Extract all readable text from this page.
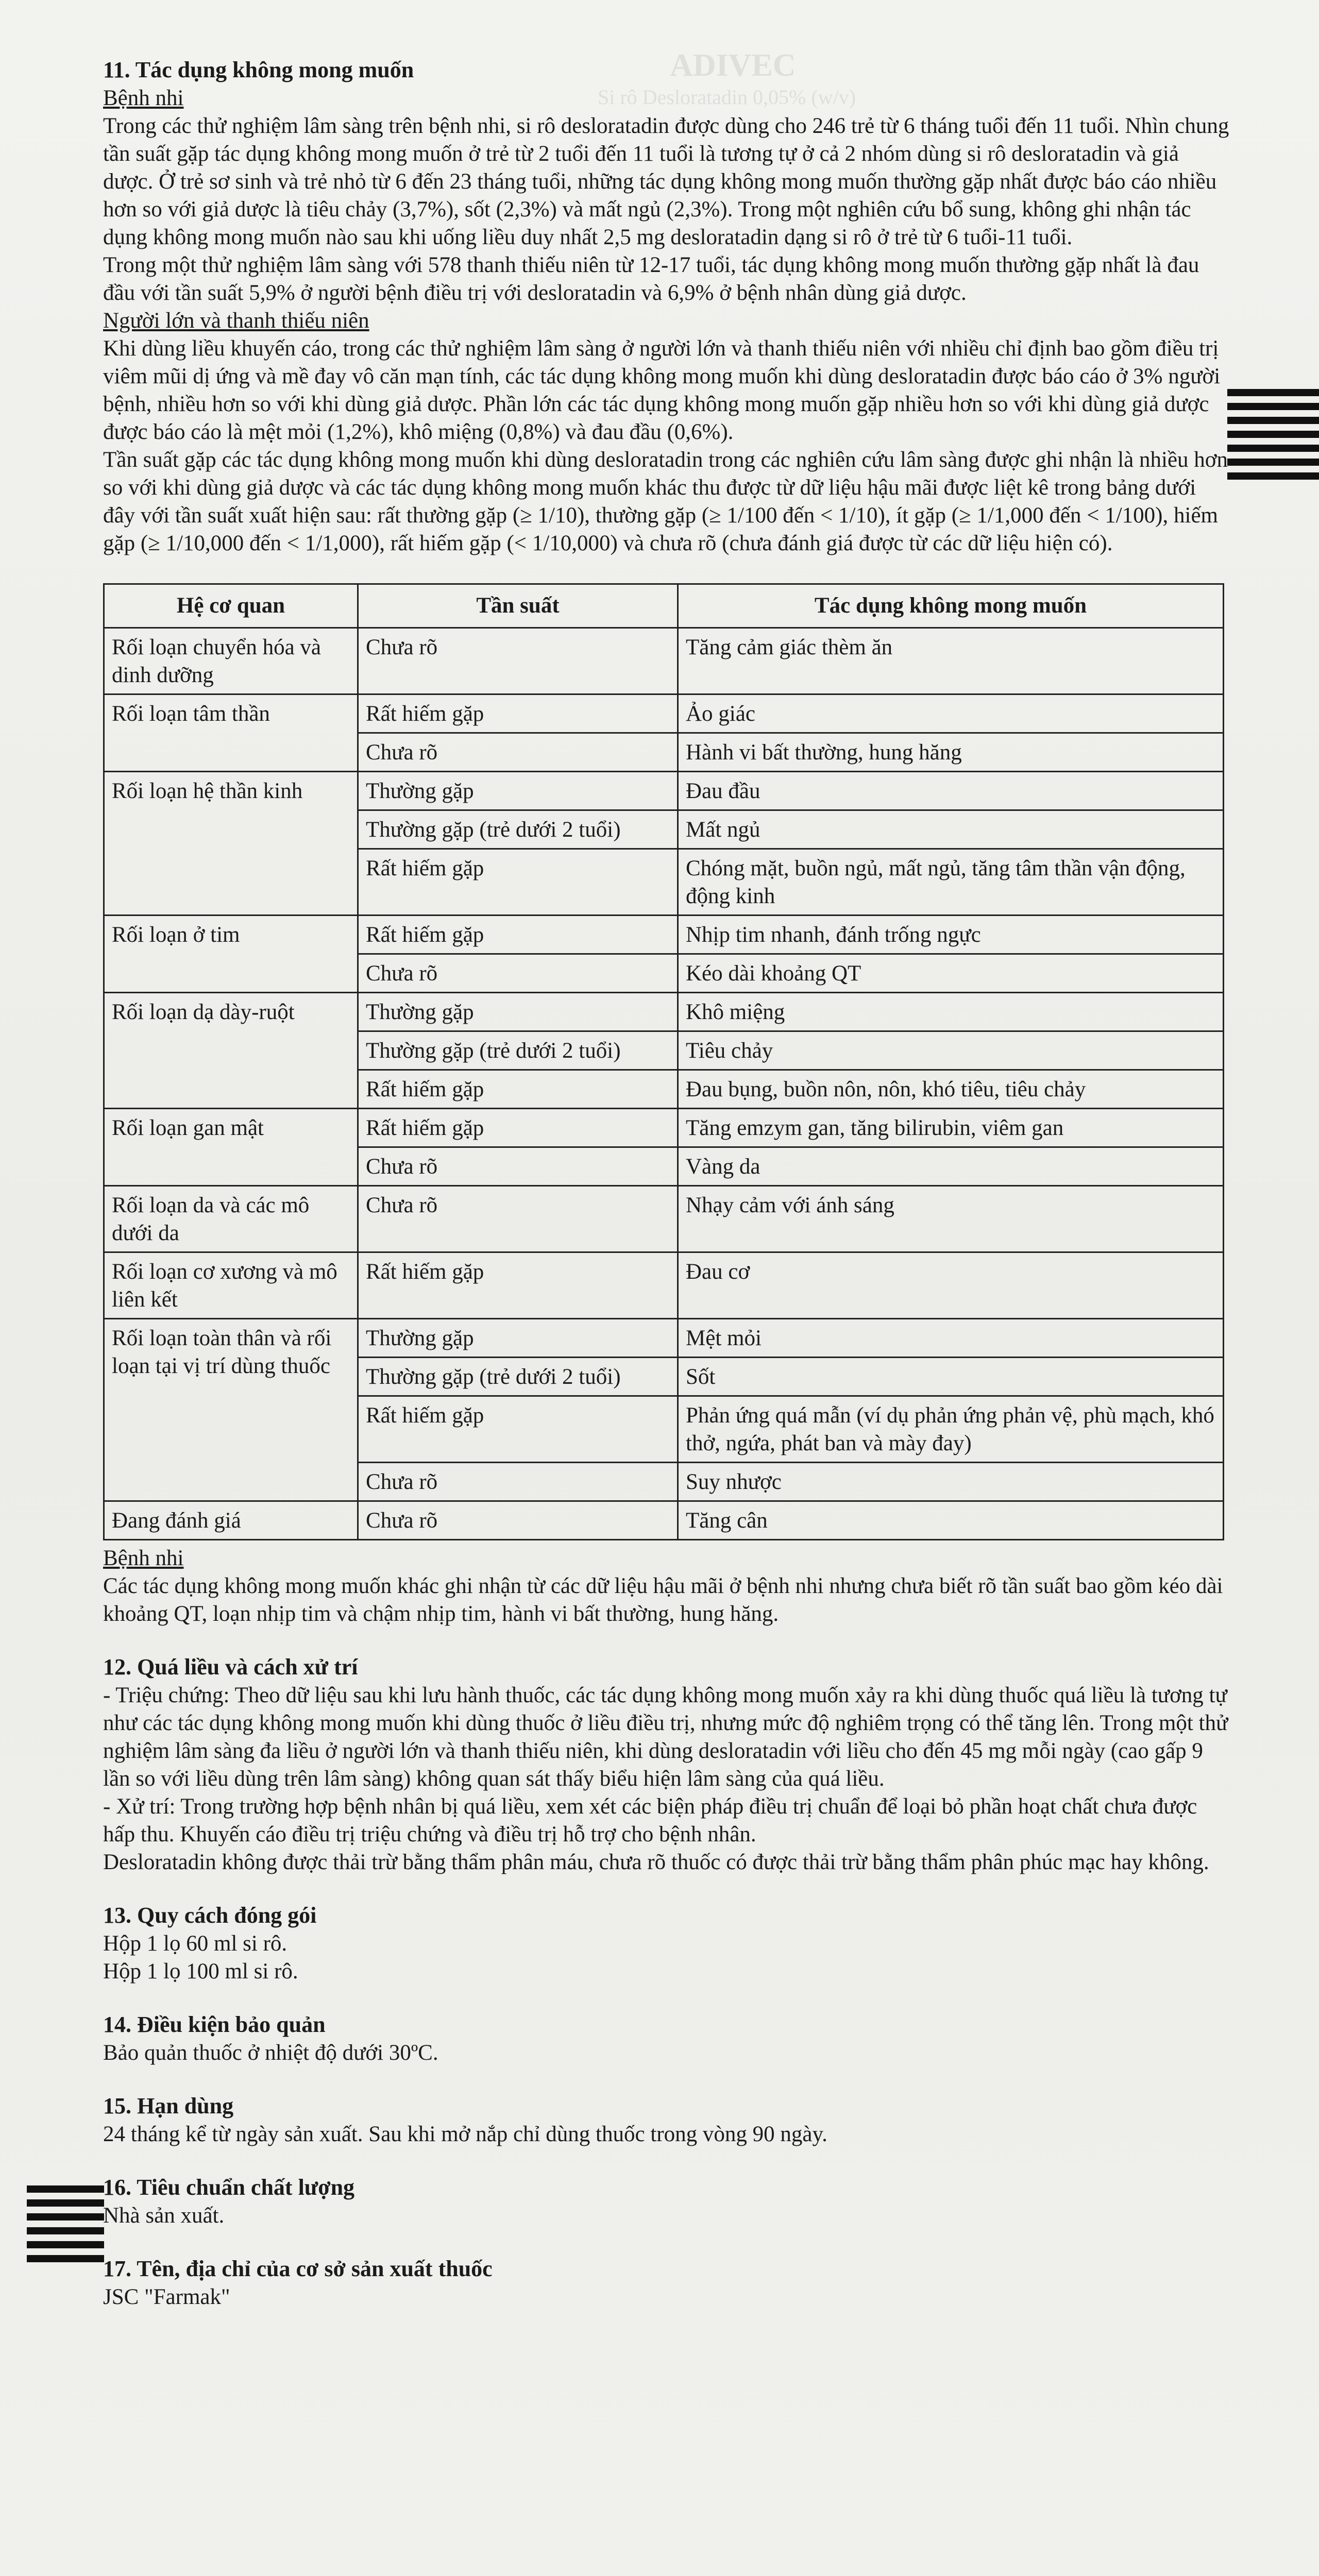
ADIVEC
Si rô Desloratadin 0,05% (w/v)

11. Tác dụng không mong muốn

Bệnh nhi

Trong các thử nghiệm lâm sàng trên bệnh nhi, si rô desloratadin được dùng cho 246 trẻ từ 6 tháng tuổi đến 11 tuổi. Nhìn chung tần suất gặp tác dụng không mong muốn ở trẻ từ 2 tuổi đến 11 tuổi là tương tự ở cả 2 nhóm dùng si rô desloratadin và giả dược. Ở trẻ sơ sinh và trẻ nhỏ từ 6 đến 23 tháng tuổi, những tác dụng không mong muốn thường gặp nhất được báo cáo nhiều hơn so với giả dược là tiêu chảy (3,7%), sốt (2,3%) và mất ngủ (2,3%). Trong một nghiên cứu bổ sung, không ghi nhận tác dụng không mong muốn nào sau khi uống liều duy nhất 2,5 mg desloratadin dạng si rô ở trẻ từ 6 tuổi-11 tuổi.

Trong một thử nghiệm lâm sàng với 578 thanh thiếu niên từ 12-17 tuổi, tác dụng không mong muốn thường gặp nhất là đau đầu với tần suất 5,9% ở người bệnh điều trị với desloratadin và 6,9% ở bệnh nhân dùng giả dược.

Người lớn và thanh thiếu niên

Khi dùng liều khuyến cáo, trong các thử nghiệm lâm sàng ở người lớn và thanh thiếu niên với nhiều chỉ định bao gồm điều trị viêm mũi dị ứng và mề đay vô căn mạn tính, các tác dụng không mong muốn khi dùng desloratadin được báo cáo ở 3% người bệnh, nhiều hơn so với khi dùng giả dược. Phần lớn các tác dụng không mong muốn gặp nhiều hơn so với khi dùng giả dược được báo cáo là mệt mỏi (1,2%), khô miệng (0,8%) và đau đầu (0,6%).

Tần suất gặp các tác dụng không mong muốn khi dùng desloratadin trong các nghiên cứu lâm sàng được ghi nhận là nhiều hơn so với khi dùng giả dược và các tác dụng không mong muốn khác thu được từ dữ liệu hậu mãi được liệt kê trong bảng dưới đây với tần suất xuất hiện sau: rất thường gặp (≥ 1/10), thường gặp (≥ 1/100 đến < 1/10), ít gặp (≥ 1/1,000 đến < 1/100), hiếm gặp (≥ 1/10,000 đến < 1/1,000), rất hiếm gặp (< 1/10,000) và chưa rõ (chưa đánh giá được từ các dữ liệu hiện có).

Hệ cơ quan	Tần suất	Tác dụng không mong muốn
Rối loạn chuyển hóa và dinh dưỡng	Chưa rõ	Tăng cảm giác thèm ăn
Rối loạn tâm thần	Rất hiếm gặp	Ảo giác
	Chưa rõ	Hành vi bất thường, hung hăng
Rối loạn hệ thần kinh	Thường gặp	Đau đầu
	Thường gặp (trẻ dưới 2 tuổi)	Mất ngủ
	Rất hiếm gặp	Chóng mặt, buồn ngủ, mất ngủ, tăng tâm thần vận động, động kinh
Rối loạn ở tim	Rất hiếm gặp	Nhịp tim nhanh, đánh trống ngực
	Chưa rõ	Kéo dài khoảng QT
Rối loạn dạ dày-ruột	Thường gặp	Khô miệng
	Thường gặp (trẻ dưới 2 tuổi)	Tiêu chảy
	Rất hiếm gặp	Đau bụng, buồn nôn, nôn, khó tiêu, tiêu chảy
Rối loạn gan mật	Rất hiếm gặp	Tăng emzym gan, tăng bilirubin, viêm gan
	Chưa rõ	Vàng da
Rối loạn da và các mô dưới da	Chưa rõ	Nhạy cảm với ánh sáng
Rối loạn cơ xương và mô liên kết	Rất hiếm gặp	Đau cơ
Rối loạn toàn thân và rối loạn tại vị trí dùng thuốc	Thường gặp	Mệt mỏi
	Thường gặp (trẻ dưới 2 tuổi)	Sốt
	Rất hiếm gặp	Phản ứng quá mẫn (ví dụ phản ứng phản vệ, phù mạch, khó thở, ngứa, phát ban và mày đay)
	Chưa rõ	Suy nhược
Đang đánh giá	Chưa rõ	Tăng cân

Bệnh nhi

Các tác dụng không mong muốn khác ghi nhận từ các dữ liệu hậu mãi ở bệnh nhi nhưng chưa biết rõ tần suất bao gồm kéo dài khoảng QT, loạn nhịp tim và chậm nhịp tim, hành vi bất thường, hung hăng.

12. Quá liều và cách xử trí

- Triệu chứng: Theo dữ liệu sau khi lưu hành thuốc, các tác dụng không mong muốn xảy ra khi dùng thuốc quá liều là tương tự như các tác dụng không mong muốn khi dùng thuốc ở liều điều trị, nhưng mức độ nghiêm trọng có thể tăng lên. Trong một thử nghiệm lâm sàng đa liều ở người lớn và thanh thiếu niên, khi dùng desloratadin với liều cho đến 45 mg mỗi ngày (cao gấp 9 lần so với liều dùng trên lâm sàng) không quan sát thấy biểu hiện lâm sàng của quá liều.

- Xử trí: Trong trường hợp bệnh nhân bị quá liều, xem xét các biện pháp điều trị chuẩn để loại bỏ phần hoạt chất chưa được hấp thu. Khuyến cáo điều trị triệu chứng và điều trị hỗ trợ cho bệnh nhân.

Desloratadin không được thải trừ bằng thẩm phân máu, chưa rõ thuốc có được thải trừ bằng thẩm phân phúc mạc hay không.

13. Quy cách đóng gói

Hộp 1 lọ 60 ml si rô.

Hộp 1 lọ 100 ml si rô.

14. Điều kiện bảo quản

Bảo quản thuốc ở nhiệt độ dưới 30ºC.

15. Hạn dùng

24 tháng kể từ ngày sản xuất. Sau khi mở nắp chỉ dùng thuốc trong vòng 90 ngày.

16. Tiêu chuẩn chất lượng

Nhà sản xuất.

17. Tên, địa chỉ của cơ sở sản xuất thuốc

JSC "Farmak"
